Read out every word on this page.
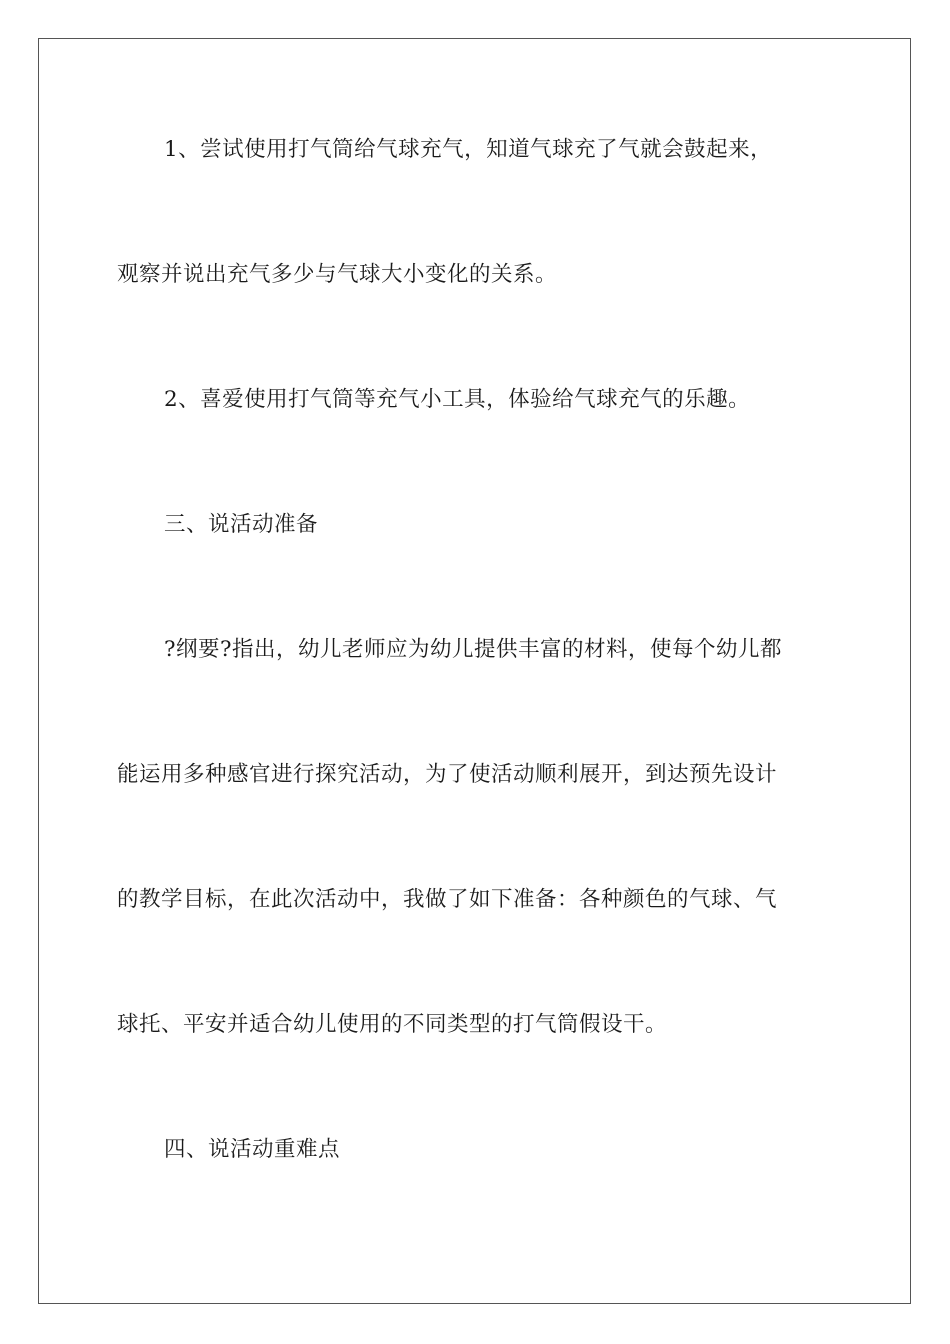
1、尝试使用打气筒给气球充气，知道气球充了气就会鼓起来，
观察并说出充气多少与气球大小变化的关系。
2、喜爱使用打气筒等充气小工具，体验给气球充气的乐趣。
三、说活动准备
?纲要?指出，幼儿老师应为幼儿提供丰富的材料，使每个幼儿都
能运用多种感官进行探究活动，为了使活动顺利展开，到达预先设计
的教学目标，在此次活动中，我做了如下准备：各种颜色的气球、气
球托、平安并适合幼儿使用的不同类型的打气筒假设干。
四、说活动重难点
